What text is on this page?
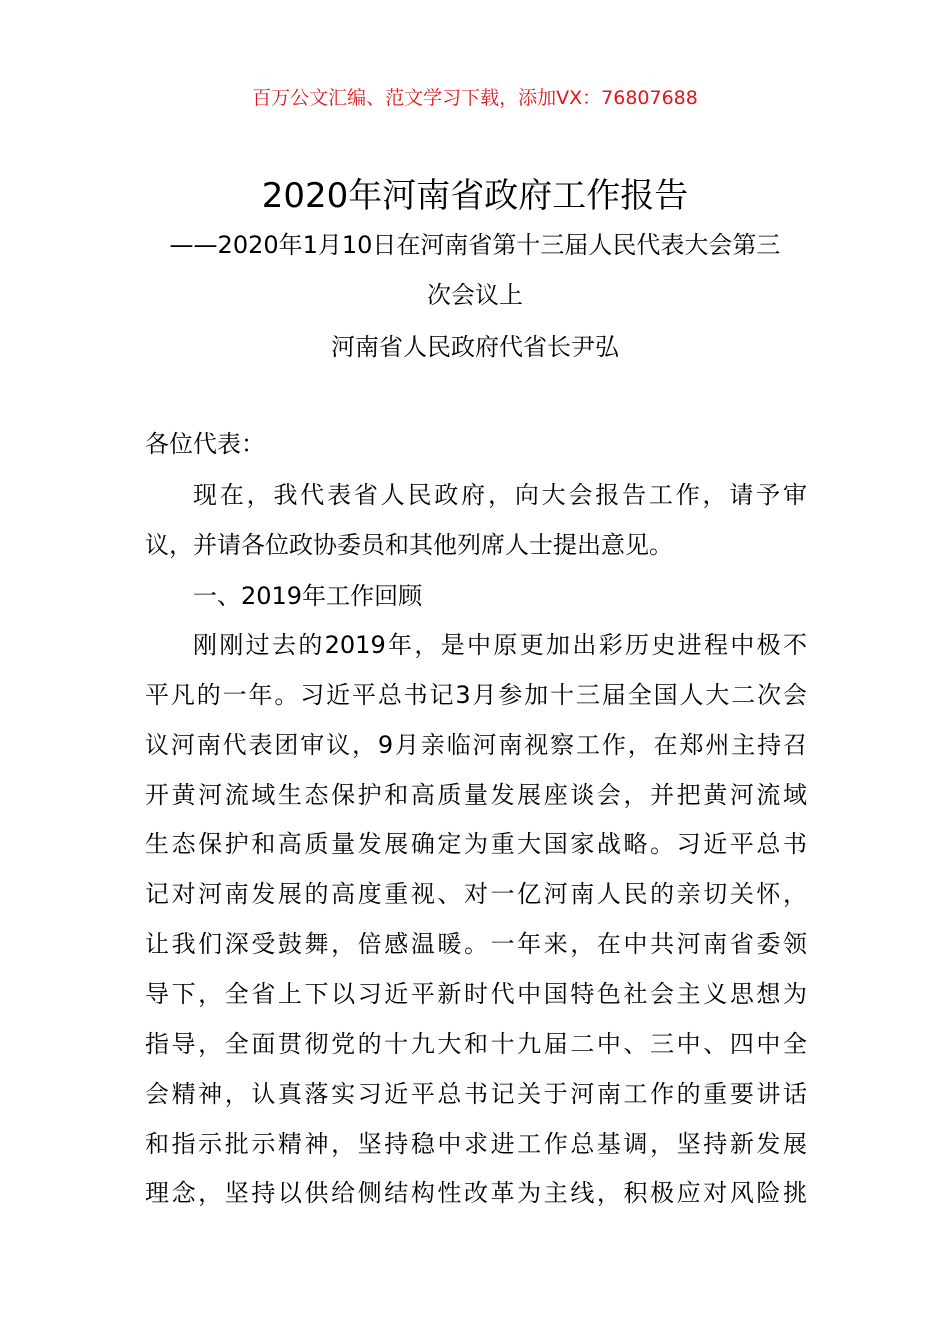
百万公文汇编、范文学习下载，添加VX：76807688
2020年河南省政府工作报告
——2020年1月10日在河南省第十三届人民代表大会第三
次会议上
河南省人民政府代省长尹弘
各位代表：
现在，我代表省人民政府，向大会报告工作，请予审
议，并请各位政协委员和其他列席人士提出意见。
一、2019年工作回顾
刚刚过去的2019年，是中原更加出彩历史进程中极不
平凡的一年。习近平总书记3月参加十三届全国人大二次会
议河南代表团审议，9月亲临河南视察工作，在郑州主持召
开黄河流域生态保护和高质量发展座谈会，并把黄河流域
生态保护和高质量发展确定为重大国家战略。习近平总书
记对河南发展的高度重视、对一亿河南人民的亲切关怀，
让我们深受鼓舞，倍感温暖。一年来，在中共河南省委领
导下，全省上下以习近平新时代中国特色社会主义思想为
指导，全面贯彻党的十九大和十九届二中、三中、四中全
会精神，认真落实习近平总书记关于河南工作的重要讲话
和指示批示精神，坚持稳中求进工作总基调，坚持新发展
理念，坚持以供给侧结构性改革为主线，积极应对风险挑
